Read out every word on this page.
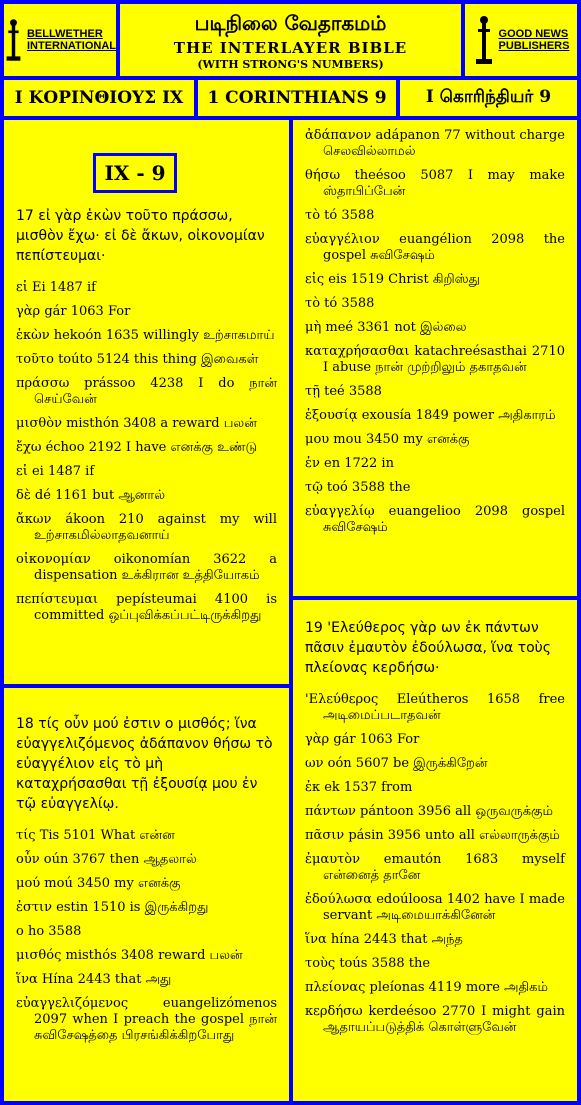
BELLWETHER
INTERNATIONAL
படிநிலை வேதாகமம்
THE INTERLAYER BIBLE
(WITH STRONG'S NUMBERS)
GOOD NEWS
PUBLISHERS
Ι ΚΟΡΙΝΘΙΟΥΣ ΙΧ 1 CORINTHIANS 9 I கொரிந்தியர் 9
IX - 9
17 εἰ γὰρ ἑκὼν τοῦτο πράσσω, μισθὸν ἔχω· εἰ δὲ ἄκων, οἰκονομίαν πεπίστευμαι·
εἰ Ei 1487 if
γὰρ gár 1063 For
ἑκὼν hekoón 1635 willingly உற்சாகமாய்
τοῦτο toúto 5124 this thing இவைகள்
πράσσω prássoo 4238 I do நான் செய்வேன்
μισθὸν misthón 3408 a reward பலன்
ἔχω échoo 2192 I have எனக்கு உண்டு
εἰ ei 1487 if
δὲ dé 1161 but ஆனால்
ἄκων ákoon 210 against my will உற்சாகமில்லாதவனாய்
οἰκονομίαν oikonomían 3622 a dispensation உக்கிரான உத்தியோகம்
πεπίστευμαι pepísteumai 4100 is committed ஒப்புவிக்கப்பட்டிருக்கிறது
18 τίς οὖν μού ἐστιν ο μισθός; ἵνα εὐαγγελιζόμενος ἀδάπανον θήσω τὸ εὐαγγέλιον εἰς τὸ μὴ καταχρήσασθαι τῇ ἐξουσίᾳ μου ἐν τῷ εὐαγγελίῳ.
τίς Tis 5101 What என்ன
οὖν oún 3767 then ஆதலால்
μού moú 3450 my எனக்கு
ἐστιν estin 1510 is இருக்கிறது
ο ho 3588
μισθός misthós 3408 reward பலன்
ἵνα Hína 2443 that அது
εὐαγγελιζόμενος euangelizómenos 2097 when I preach the gospel நான் சுவிசேஷத்தை பிரசங்கிக்கிறபோது
ἀδάπανον adápanon 77 without charge செலவில்லாமல்
θήσω theésoo 5087 I may make ஸ்தாபிப்பேன்
τὸ tó 3588
εὐαγγέλιον euangélion 2098 the gospel சுவிசேஷம்
εἰς eis 1519 Christ கிறிஸ்து
τὸ tó 3588
μὴ meé 3361 not இல்லை
καταχρήσασθαι katachreésasthai 2710 I abuse நான் முற்றிலும் தகாதவன்
τῇ teé 3588
ἐξουσίᾳ exousía 1849 power அதிகாரம்
μου mou 3450 my எனக்கு
ἐν en 1722 in
τῷ toó 3588 the
εὐαγγελίῳ euangelioo 2098 gospel சுவிசேஷம்
19 'Ελεύθερος γὰρ ων ἐκ πάντων πᾶσιν ἐμαυτὸν ἐδούλωσα, ἵνα τοὺς πλείονας κερδήσω·
'Ελεύθερος Eleútheros 1658 free அடிமைப்படாதவன்
γὰρ gár 1063 For
ων oón 5607 be இருக்கிறேன்
ἐκ ek 1537 from
πάντων pántoon 3956 all ஒருவருக்கும்
πᾶσιν pásin 3956 unto all எல்லாருக்கும்
ἐμαυτὸν emautón 1683 myself என்னைத் தானே
ἐδούλωσα edoúloosa 1402 have I made servant அடிமையாக்கினேன்
ἵνα hína 2443 that அந்த
τοὺς toús 3588 the
πλείονας pleíonas 4119 more அதிகம்
κερδήσω kerdeésoo 2770 I might gain ஆதாயப்படுத்திக் கொள்ளுவேன்
